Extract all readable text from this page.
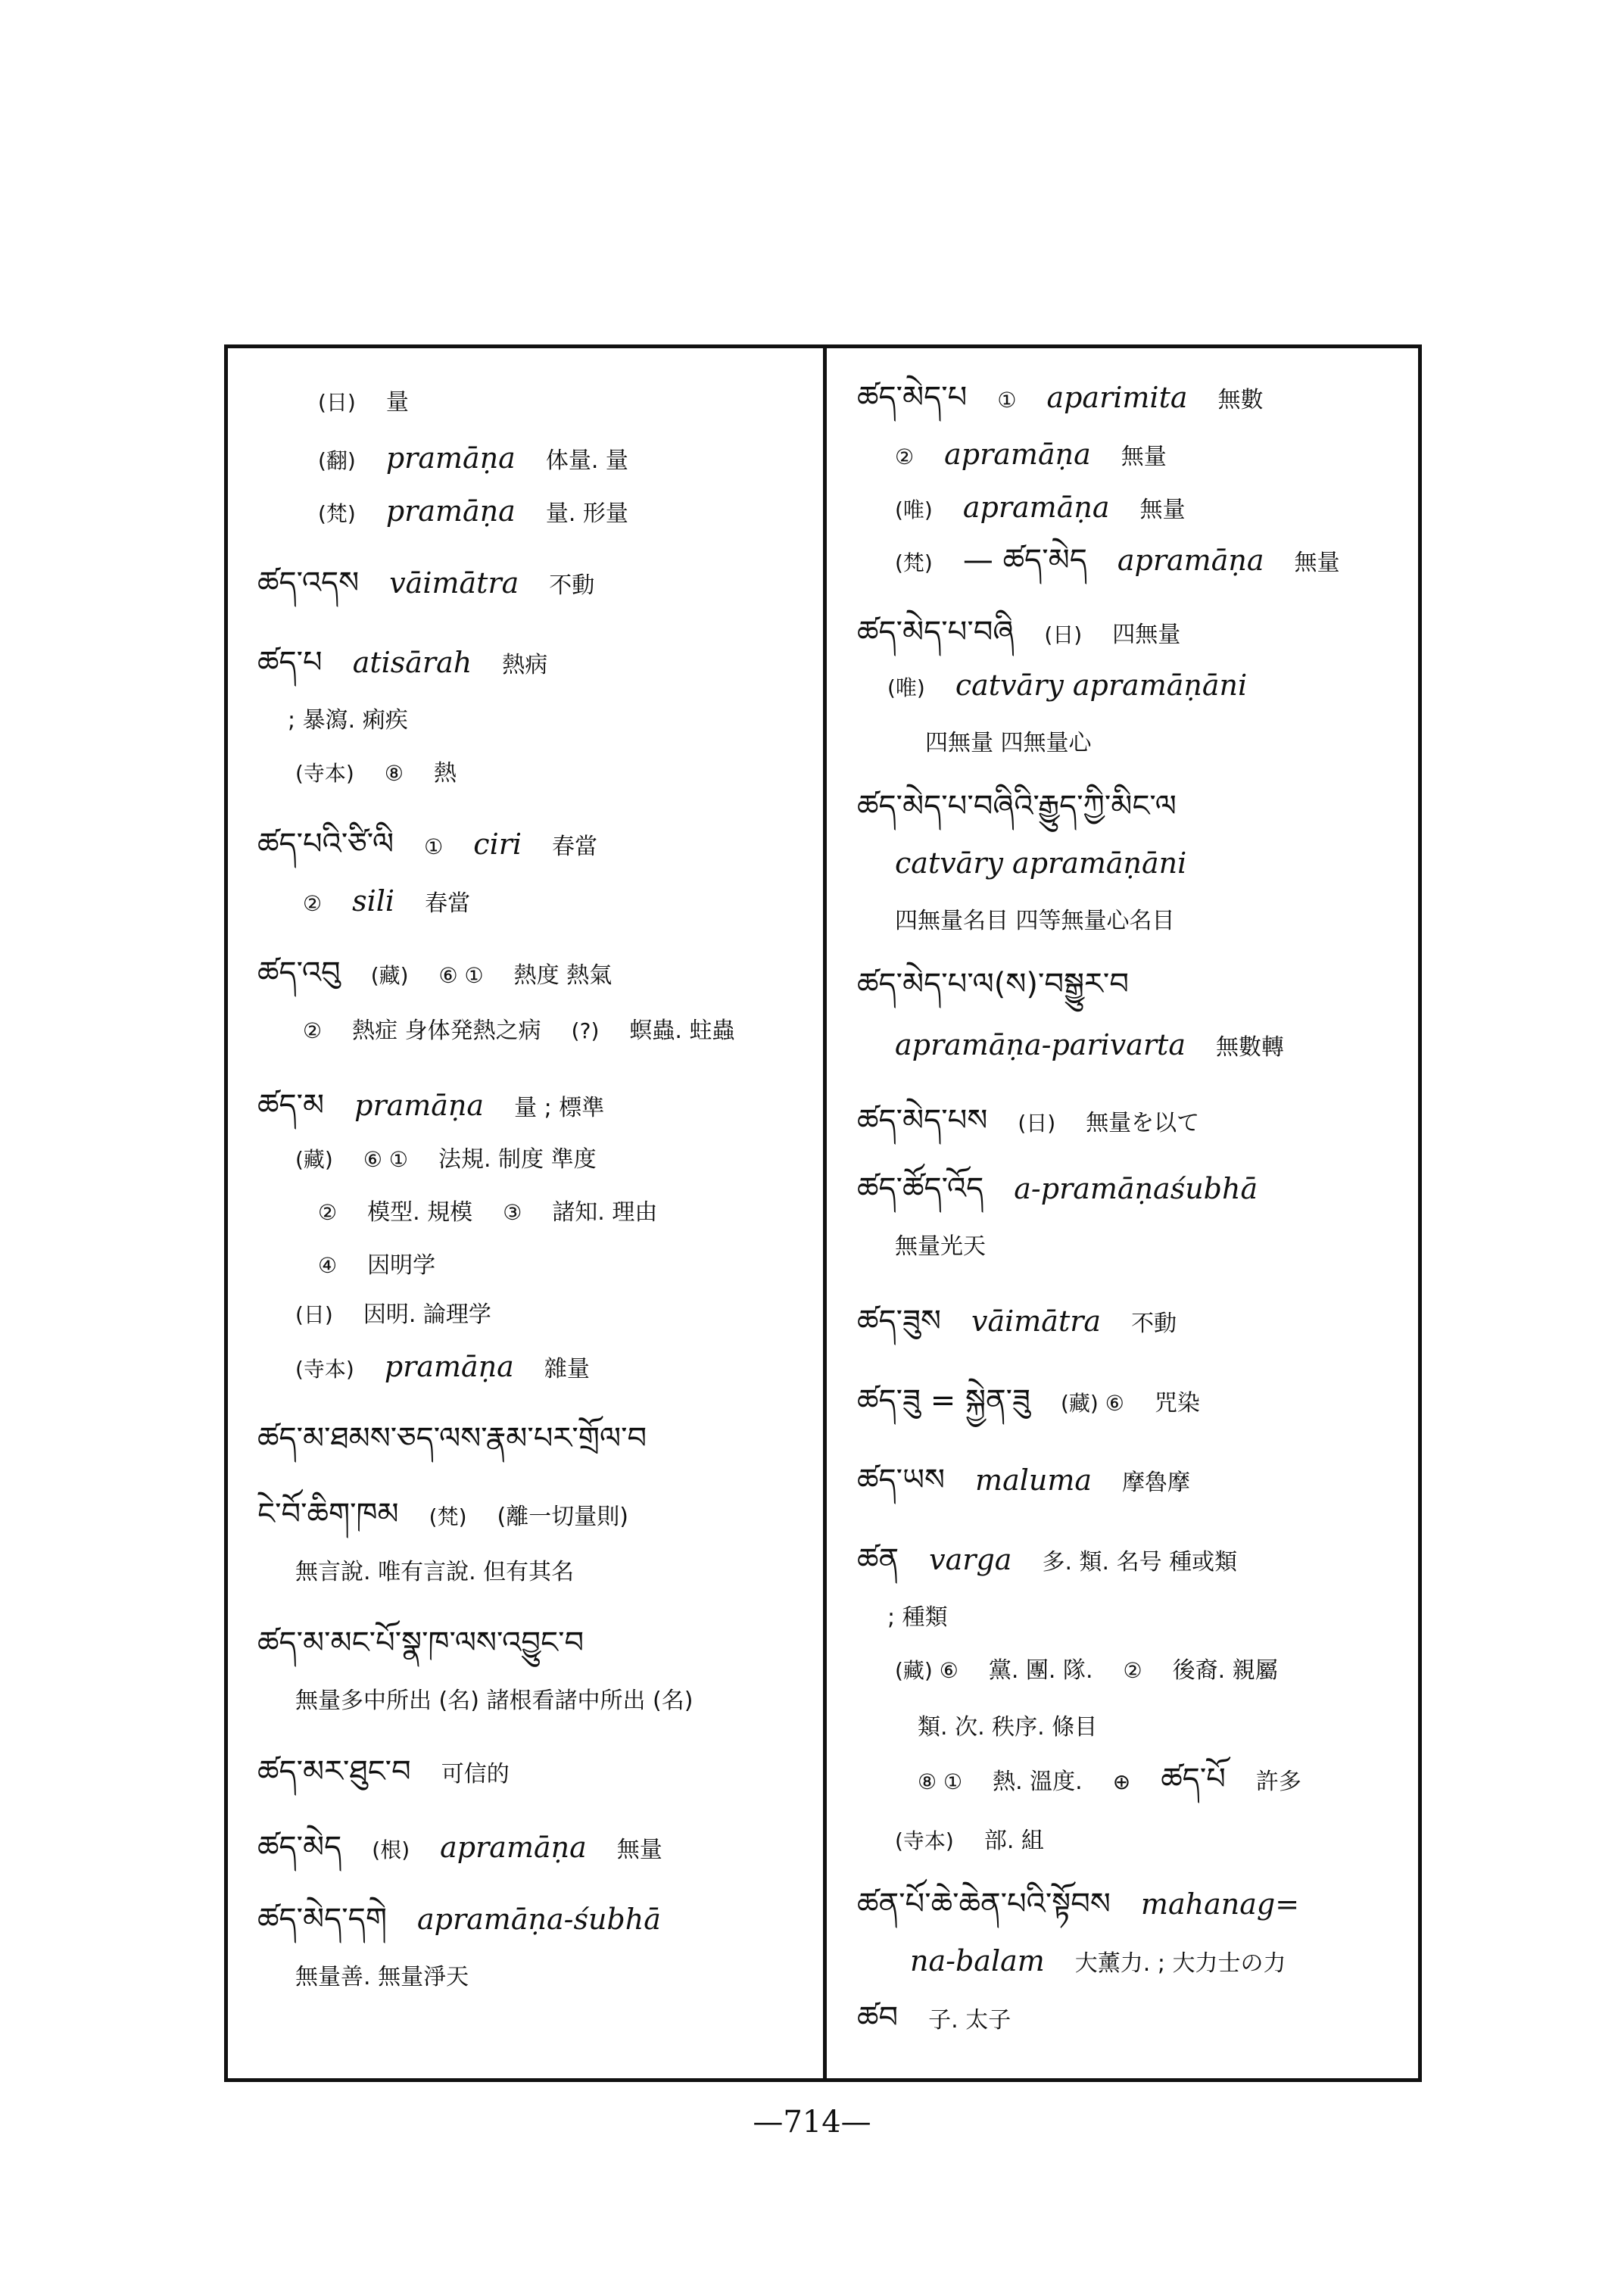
(日) 量
(翻) pramāṇa 体量. 量
(梵) pramāṇa 量. 形量
ཚད་འདས vāimātra 不動
ཚད་པ atisārah 熱病
; 暴瀉. 痢疾
(寺本) ⑧ 熱
ཚད་པའི་ཙི་ལི ① ciri 春當
② sili 春當
ཚད་འབུ (藏) ⑥ ① 熱度 熱氣
② 熱症 身体発熱之病 (?) 螟蟲. 蛀蟲
ཚད་མ pramāṇa 量 ; 標準
(藏) ⑥ ① 法規. 制度 準度
② 模型. 規模 ③ 諸知. 理由
④ 因明学
(日) 因明. 論理学
(寺本) pramāṇa 雜量
ཚད་མ་ཐམས་ཅད་ལས་རྣམ་པར་གྲོལ་བ
ངེ་བོ་ཆིག་ཁམ (梵) (離一切量則)
無言說. 唯有言說. 但有其名
ཚད་མ་མང་པོ་སྣ་ཁ་ལས་འབྱུང་བ
無量多中所出 (名) 諸根看諸中所出 (名)
ཚད་མར་ཐུང་བ 可信的
ཚད་མེད (根) apramāṇa 無量
ཚད་མེད་དགེ apramāṇa-śubhā
無量善. 無量淨天
ཚད་མེད་པ ① aparimita 無數
② apramāṇa 無量
(唯) apramāṇa 無量
(梵) — ཚད་མེད apramāṇa 無量
ཚད་མེད་པ་བཞི (日) 四無量
(唯) catvāry apramāṇāni
四無量 四無量心
ཚད་མེད་པ་བཞིའི་རྒྱུད་ཀྱི་མིང་ལ
catvāry apramāṇāni
四無量名目 四等無量心名目
ཚད་མེད་པ་ལ(ས)་བསྒྱུར་བ
apramāṇa-parivarta 無數轉
ཚད་མེད་པས (日) 無量を以て
ཚད་ཚོད་འོད a-pramāṇaśubhā
無量光天
ཚད་ཟུས vāimātra 不動
ཚད་ཟུ = སྐྱེན་ཟུ (藏) ⑥ 咒染
ཚད་ཡས maluma 摩魯摩
ཚན varga 多. 類. 名号 種或類
; 種類
(藏) ⑥ 黨. 團. 隊. ② 後裔. 親屬
類. 次. 秩序. 條目
⑧ ① 熱. 溫度. ⊕ ཚད་པོ 許多
(寺本) 部. 組
ཚན་པོ་ཆེ་ཆེན་པའི་སྟོབས mahanag=
na-balam 大薰力. ; 大力士の力
ཚབ 子. 太子
—714—
